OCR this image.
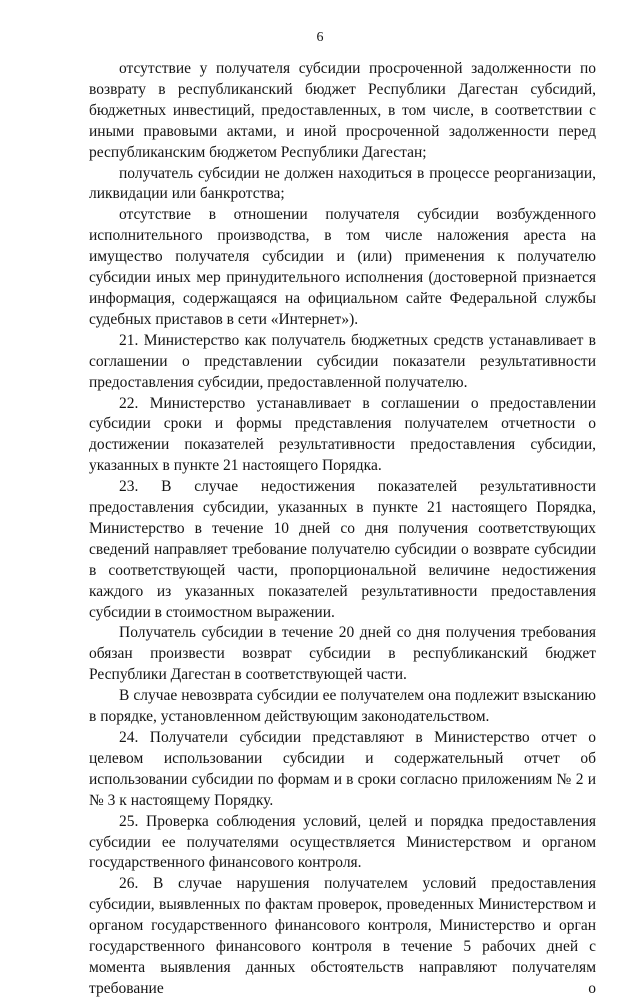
6

отсутствие у получателя субсидии просроченной задолженности по возврату в республиканский бюджет Республики Дагестан субсидий, бюджетных инвестиций, предоставленных, в том числе, в соответствии с иными правовыми актами, и иной просроченной задолженности перед республиканским бюджетом Республики Дагестан;

получатель субсидии не должен находиться в процессе реорганизации, ликвидации или банкротства;

отсутствие в отношении получателя субсидии возбужденного исполнительного производства, в том числе наложения ареста на имущество получателя субсидии и (или) применения к получателю субсидии иных мер принудительного исполнения (достоверной признается информация, содержащаяся на официальном сайте Федеральной службы судебных приставов в сети «Интернет»).

21. Министерство как получатель бюджетных средств устанавливает в соглашении о представлении субсидии показатели результативности предоставления субсидии, предоставленной получателю.

22. Министерство устанавливает в соглашении о предоставлении субсидии сроки и формы представления получателем отчетности о достижении показателей результативности предоставления субсидии, указанных в пункте 21 настоящего Порядка.

23. В случае недостижения показателей результативности предоставления субсидии, указанных в пункте 21 настоящего Порядка, Министерство в течение 10 дней со дня получения соответствующих сведений направляет требование получателю субсидии о возврате субсидии в соответствующей части, пропорциональной величине недостижения каждого из указанных показателей результативности предоставления субсидии в стоимостном выражении.

Получатель субсидии в течение 20 дней со дня получения требования обязан произвести возврат субсидии в республиканский бюджет Республики Дагестан в соответствующей части.

В случае невозврата субсидии ее получателем она подлежит взысканию в порядке, установленном действующим законодательством.

24. Получатели субсидии представляют в Министерство отчет о целевом использовании субсидии и содержательный отчет об использовании субсидии по формам и в сроки согласно приложениям № 2 и № 3 к настоящему Порядку.

25. Проверка соблюдения условий, целей и порядка предоставления субсидии ее получателями осуществляется Министерством и органом государственного финансового контроля.

26. В случае нарушения получателем условий предоставления субсидии, выявленных по фактам проверок, проведенных Министерством и органом государственного финансового контроля, Министерство и орган государственного финансового контроля в течение 5 рабочих дней с момента выявления данных обстоятельств направляют получателям требование о
